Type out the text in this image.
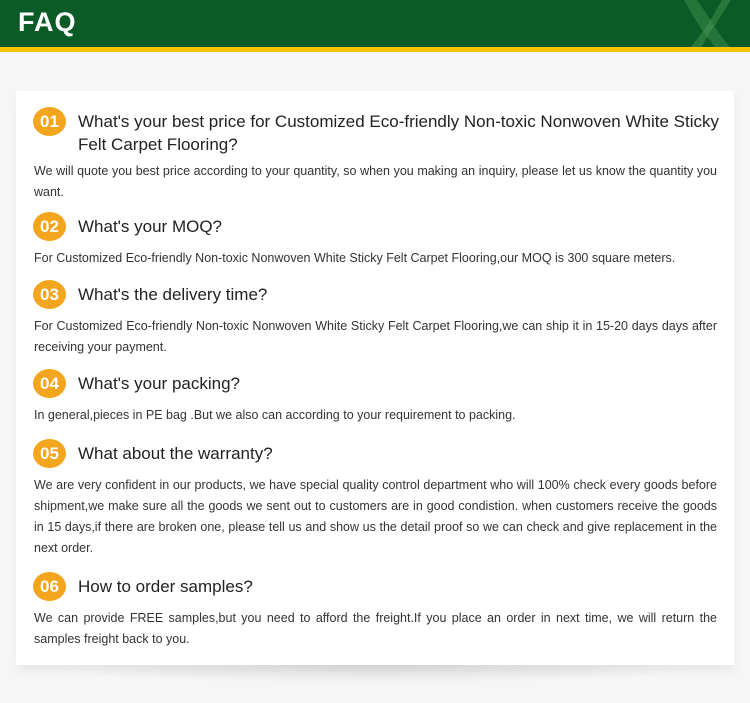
FAQ
01	What's your best price for Customized Eco-friendly Non-toxic Nonwoven White Sticky Felt Carpet Flooring?
We will quote you best price according to your quantity, so when you making an inquiry, please let us know the quantity you want.
02	What's your MOQ?
For Customized Eco-friendly Non-toxic Nonwoven White Sticky Felt Carpet Flooring,our MOQ is 300 square meters.
03	What's the delivery time?
For Customized Eco-friendly Non-toxic Nonwoven White Sticky Felt Carpet Flooring,we can ship it in 15-20 days days after receiving your payment.
04	What's your packing?
In general,pieces in PE bag .But we also can according to your requirement to packing.
05	What about the warranty?
We are very confident in our products, we have special quality control department who will 100% check every goods before shipment,we make sure all the goods we sent out to customers are in good condistion. when customers receive the goods in 15 days,if there are broken one, please tell us and show us the detail proof so we can check and give replacement in the next order.
06	How to order samples?
We can provide FREE samples,but you need to afford the freight.If you place an order in next time, we will return the samples freight back to you.
